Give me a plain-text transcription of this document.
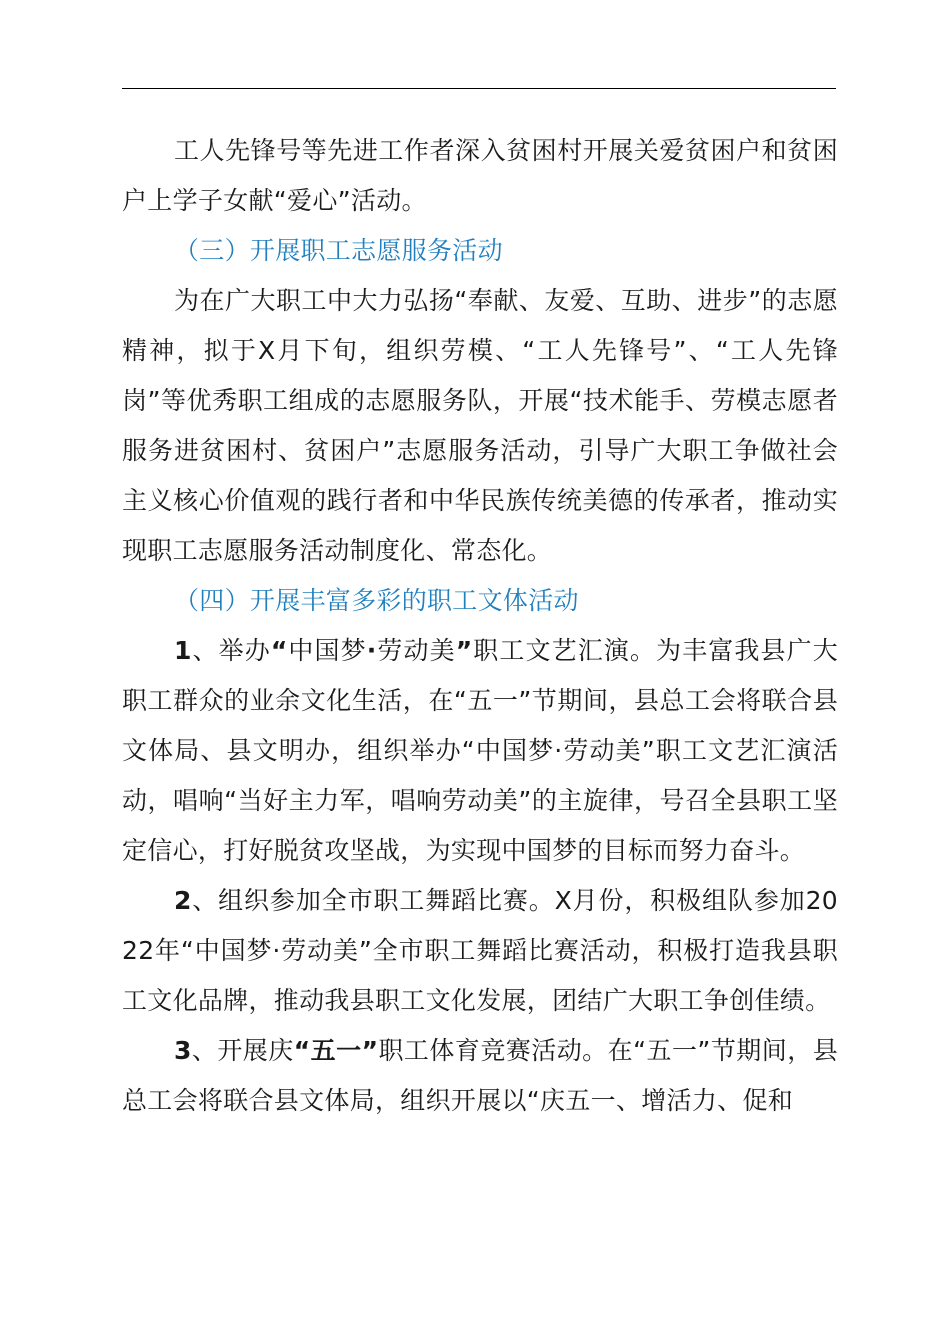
工人先锋号等先进工作者深入贫困村开展关爱贫困户和贫困户上学子女献“爱心”活动。

（三）开展职工志愿服务活动

为在广大职工中大力弘扬“奉献、友爱、互助、进步”的志愿精神，拟于X月下旬，组织劳模、“工人先锋号”、“工人先锋岗”等优秀职工组成的志愿服务队，开展“技术能手、劳模志愿者服务进贫困村、贫困户”志愿服务活动，引导广大职工争做社会主义核心价值观的践行者和中华民族传统美德的传承者，推动实现职工志愿服务活动制度化、常态化。

（四）开展丰富多彩的职工文体活动

1、举办“中国梦·劳动美”职工文艺汇演。为丰富我县广大职工群众的业余文化生活，在“五一”节期间，县总工会将联合县文体局、县文明办，组织举办“中国梦·劳动美”职工文艺汇演活动，唱响“当好主力军，唱响劳动美”的主旋律，号召全县职工坚定信心，打好脱贫攻坚战，为实现中国梦的目标而努力奋斗。

2、组织参加全市职工舞蹈比赛。X月份，积极组队参加2022年“中国梦·劳动美”全市职工舞蹈比赛活动，积极打造我县职工文化品牌，推动我县职工文化发展，团结广大职工争创佳绩。

3、开展庆“五一”职工体育竞赛活动。在“五一”节期间，县总工会将联合县文体局，组织开展以“庆五一、增活力、促和
